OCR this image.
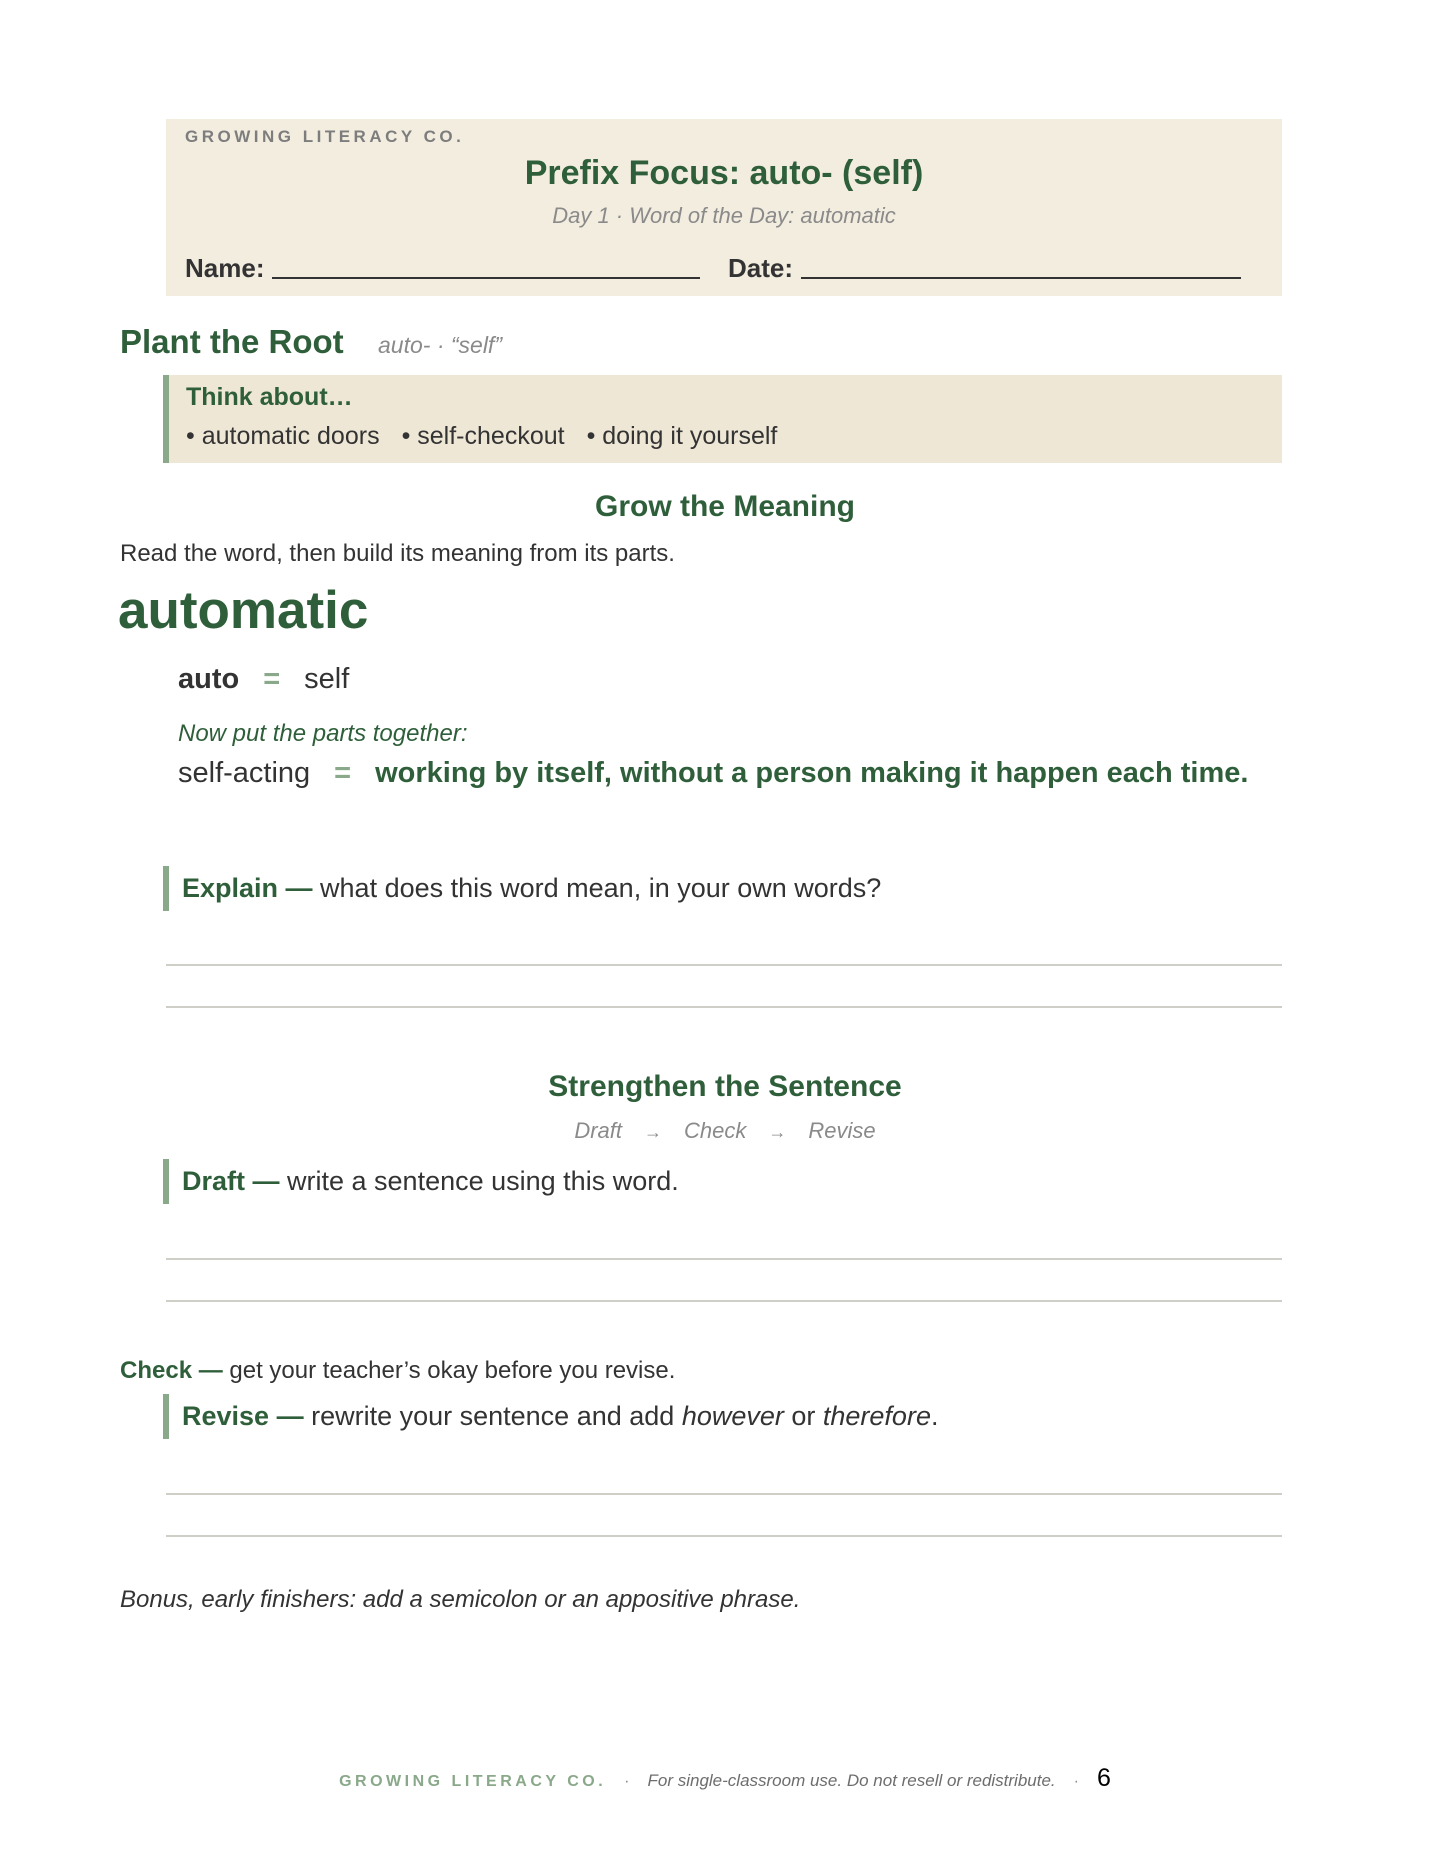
GROWING LITERACY CO.
Prefix Focus: auto- (self)
Day 1 · Word of the Day: automatic
Name:	Date:
Plant the Root auto- · “self”
Think about…
• automatic doors • self-checkout • doing it yourself
Grow the Meaning
Read the word, then build its meaning from its parts.
automatic
auto = self
Now put the parts together:
self-acting = working by itself, without a person making it happen each time.
Explain — what does this word mean, in your own words?
Strengthen the Sentence
Draft → Check → Revise
Draft — write a sentence using this word.
Check — get your teacher’s okay before you revise.
Revise — rewrite your sentence and add however or therefore.
Bonus, early finishers: add a semicolon or an appositive phrase.
GROWING LITERACY CO. · For single-classroom use. Do not resell or redistribute. · 6
